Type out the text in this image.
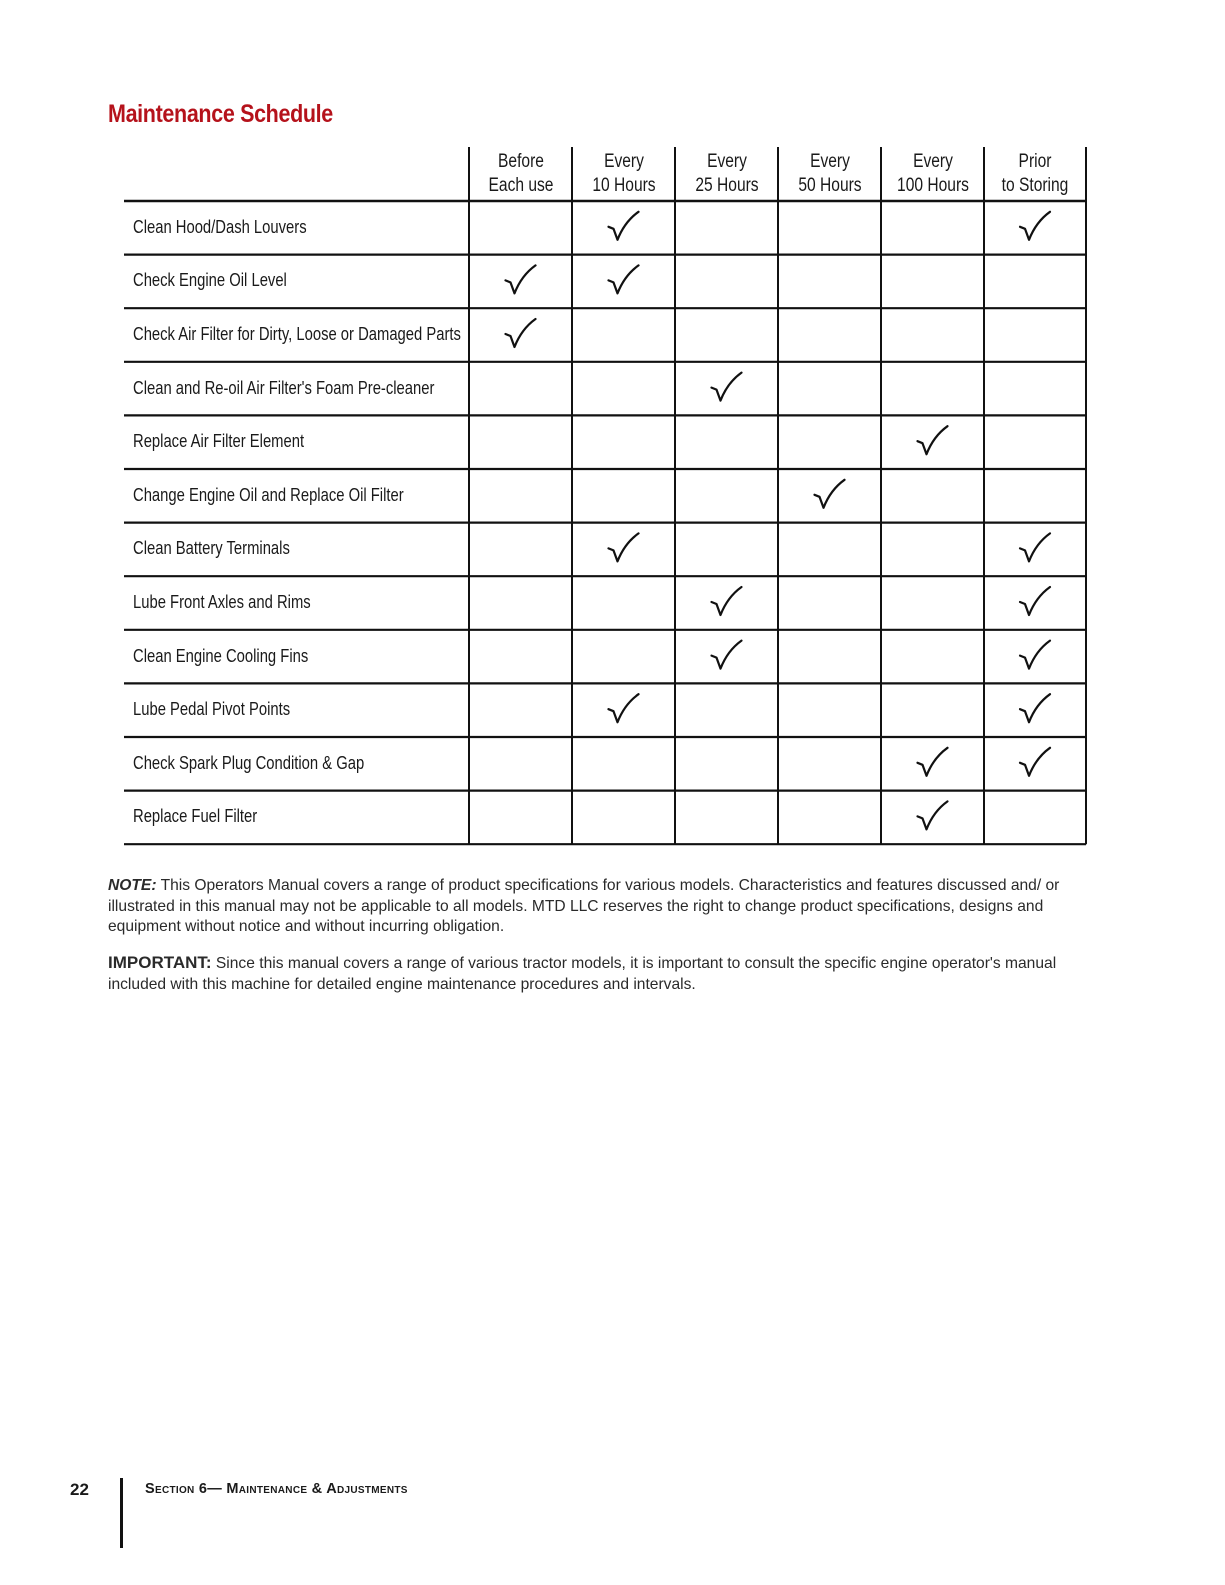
Maintenance Schedule
Before
Each use
Every
10 Hours
Every
25 Hours
Every
50 Hours
Every
100 Hours
Prior
to Storing
Clean Hood/Dash Louvers
Check Engine Oil Level
Check Air Filter for Dirty, Loose or Damaged Parts
Clean and Re-oil Air Filter's Foam Pre-cleaner
Replace Air Filter Element
Change Engine Oil and Replace Oil Filter
Clean Battery Terminals
Lube Front Axles and Rims
Clean Engine Cooling Fins
Lube Pedal Pivot Points
Check Spark Plug Condition & Gap
Replace Fuel Filter

NOTE: This Operators Manual covers a range of product specifications for various models. Characteristics and features discussed and/ or illustrated in this manual may not be applicable to all models. MTD LLC reserves the right to change product specifications, designs and equipment without notice and without incurring obligation.

IMPORTANT: Since this manual covers a range of various tractor models, it is important to consult the specific engine operator's manual included with this machine for detailed engine maintenance procedures and intervals.

22	Section 6— Maintenance & Adjustments
